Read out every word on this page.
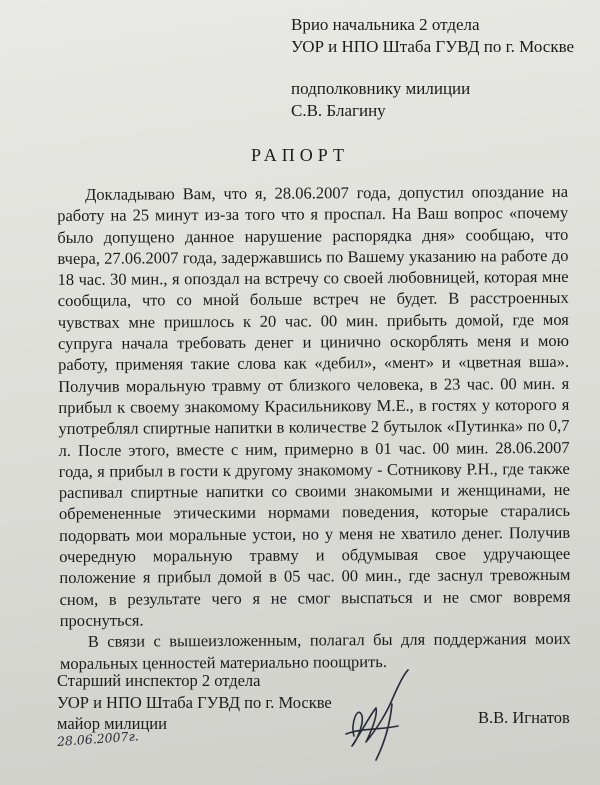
Врио начальника 2 отдела
УОР и НПО Штаба ГУВД по г. Москве
подполковнику милиции
С.В. Благину
РАПОРТ

Докладываю Вам, что я, 28.06.2007 года, допустил опоздание на работу на 25 минут из-за того что я проспал. На Ваш вопрос «почему было допущено данное нарушение распорядка дня» сообщаю, что вчера, 27.06.2007 года, задержавшись по Вашему указанию на работе до 18 час. 30 мин., я опоздал на встречу со своей любовницей, которая мне сообщила, что со мной больше встреч не будет. В расстроенных чувствах мне пришлось к 20 час. 00 мин. прибыть домой, где моя супруга начала требовать денег и цинично оскорблять меня и мою работу, применяя такие слова как «дебил», «мент» и «цветная вша». Получив моральную травму от близкого человека, в 23 час. 00 мин. я прибыл к своему знакомому Красильникову М.Е., в гостях у которого я употреблял спиртные напитки в количестве 2 бутылок «Путинка» по 0,7 л. После этого, вместе с ним, примерно в 01 час. 00 мин. 28.06.2007 года, я прибыл в гости к другому знакомому - Сотникову Р.Н., где также распивал спиртные напитки со своими знакомыми и женщинами, не обремененные этическими нормами поведения, которые старались подорвать мои моральные устои, но у меня не хватило денег. Получив очередную моральную травму и обдумывая свое удручающее положение я прибыл домой в 05 час. 00 мин., где заснул тревожным сном, в результате чего я не смог выспаться и не смог вовремя проснуться.

В связи с вышеизложенным, полагал бы для поддержания моих моральных ценностей материально поощрить.

Старший инспектор 2 отдела
УОР и НПО Штаба ГУВД по г. Москве
майор милиции
28.06.2007г.
В.В. Игнатов
